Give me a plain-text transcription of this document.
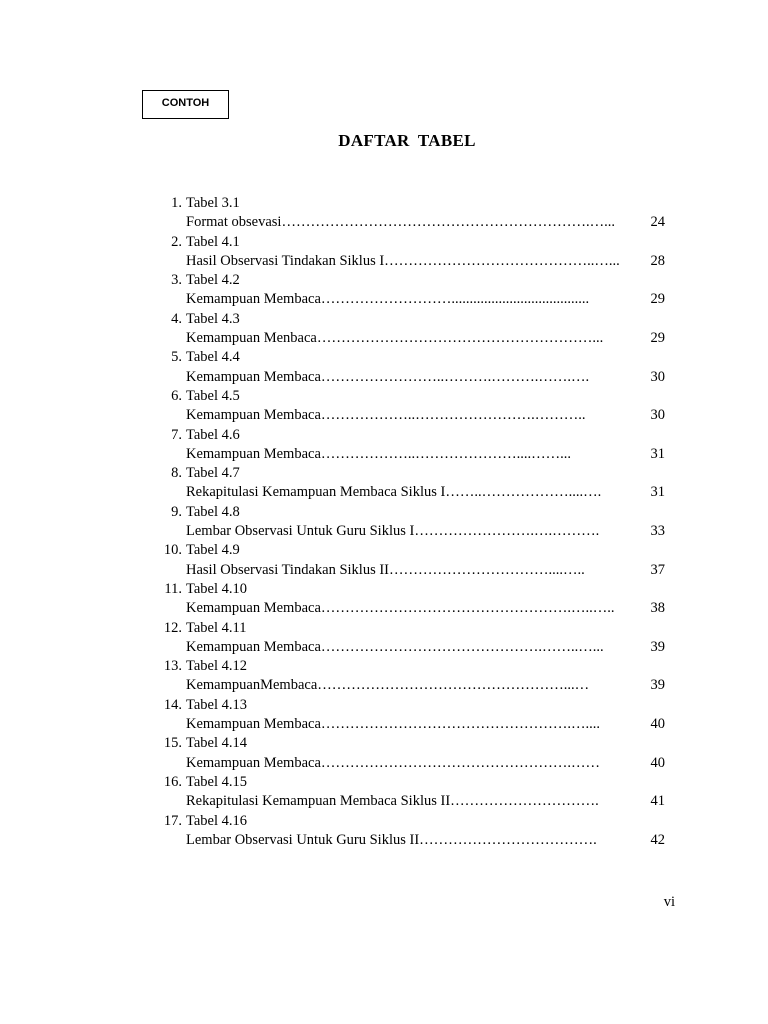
CONTOH
DAFTAR TABEL
1. Tabel 3.1
Format obsevasi……………………………………………………….…...	24
2. Tabel 4.1
Hasil Observasi Tindakan Siklus I……………………………………..…...	28
3. Tabel 4.2
Kemampuan Membaca………………………......................................	29
4. Tabel 4.3
Kemampuan Menbaca…………………………………………………...	29
5. Tabel 4.4
Kemampuan Membaca……………………..……….……….…….….	30
6. Tabel 4.5
Kemampuan Membaca………………..…………………….………..	30
7. Tabel 4.6
Kemampuan Membaca………………..…………………....……...	31
8. Tabel 4.7
Rekapitulasi Kemampuan Membaca Siklus I……..………………....….	31
9. Tabel 4.8
Lembar Observasi Untuk Guru Siklus I…………………….….……….	33
10. Tabel 4.9
Hasil Observasi Tindakan Siklus II……………………………....…..	37
11. Tabel 4.10
Kemampuan Membaca…………………………………………….…..…..	38
12. Tabel 4.11
Kemampuan Membaca……………………………………….……..…...	39
13. Tabel 4.12
KemampuanMembaca……………………………………………...…	39
14. Tabel 4.13
Kemampuan Membaca…………………………………………….…....	40
15. Tabel 4.14
Kemampuan Membaca…………………………………………….……	40
16. Tabel 4.15
Rekapitulasi Kemampuan Membaca Siklus II………………………….	41
17. Tabel 4.16
Lembar Observasi Untuk Guru Siklus II……………………………….	42
vi
